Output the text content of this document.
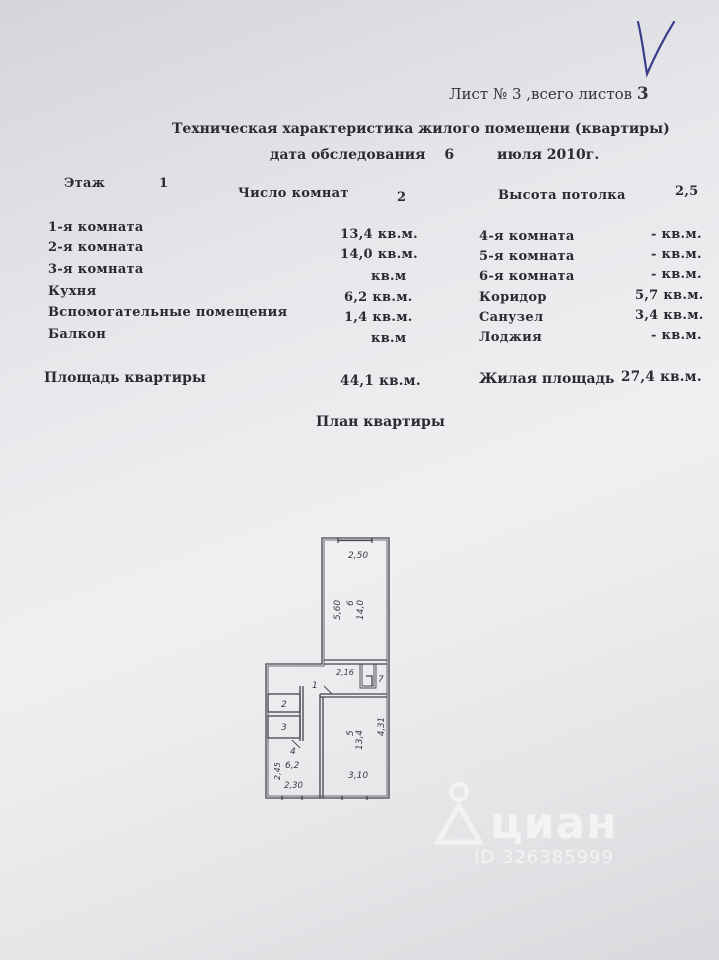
Лист № 3 ,всего листов 3
Техническая характеристика жилого помещени (квартиры)
дата обследования 6	июля 2010г.
Этаж	1
Число комнат	2	Высота потолка	2,5
1-я комната	13,4 кв.м.
2-я комната	14,0 кв.м.
3-я комната	кв.м
Кухня	6,2 кв.м.
Вспомогательные помещения	1,4 кв.м.
Балкон	кв.м
4-я комната	- кв.м.
5-я комната	- кв.м.
6-я комната	- кв.м.
Коридор	5,7 кв.м.
Санузел	3,4 кв.м.
Лоджия	- кв.м.
Площадь квартиры	44,1 кв.м.	Жилая площадь 27,4 кв.м.
План квартиры
2,50
5,60 6 14,0
1
2,16
7
2
3
4
6,2
2,45
2,30
5 13,4
4,31
3,10
циан
ID 326385999
